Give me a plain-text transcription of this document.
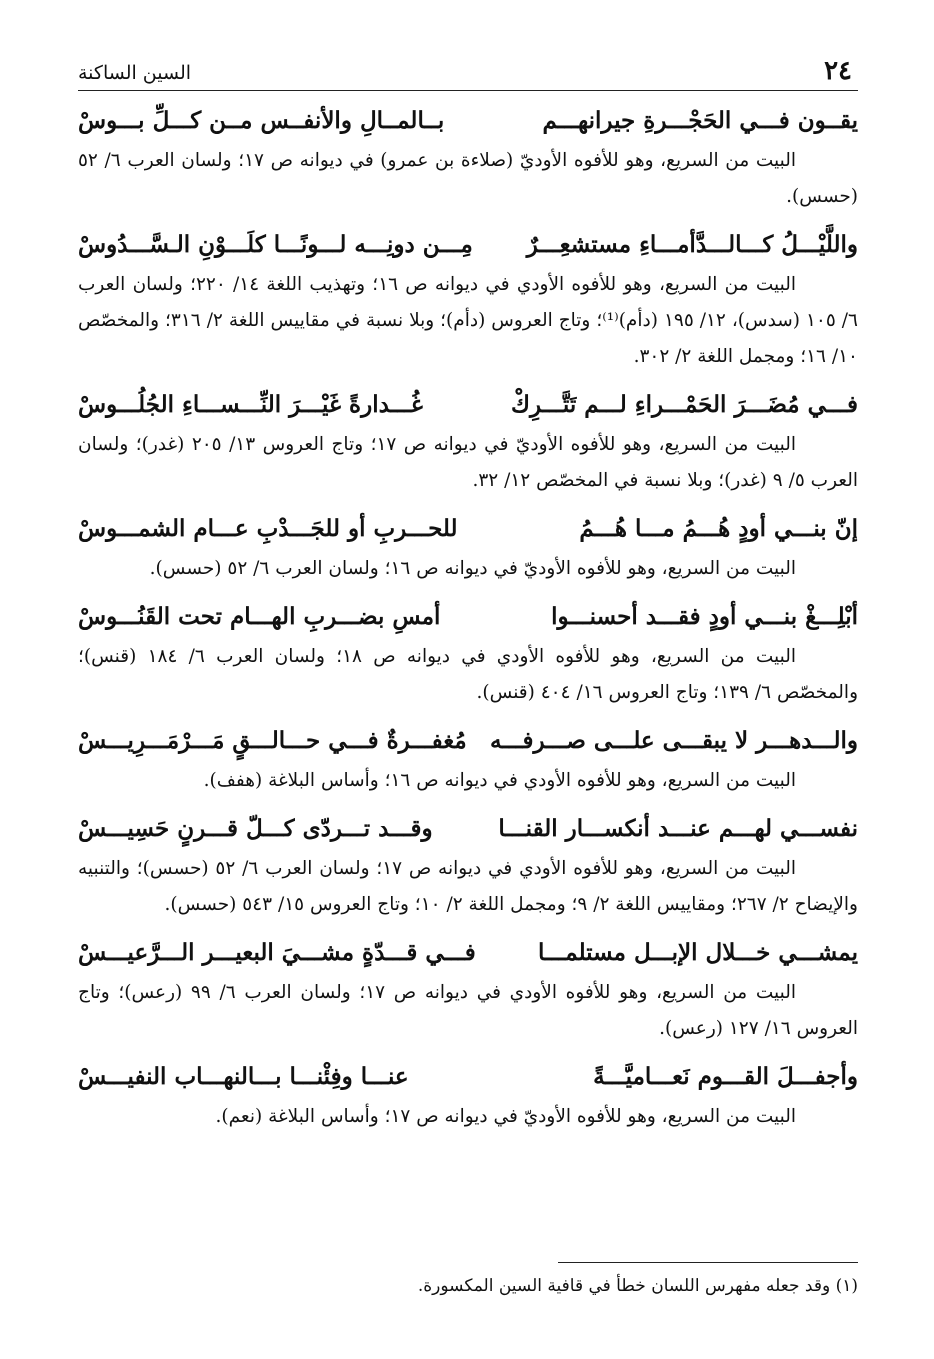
٢٤
السين الساكنة
يقــون فـــي الحَجْـــرةِ جيرانهـــم
بــالمــالِ والأنفــس مــن كـــلِّ بـــوسْ

البيت من السريع، وهو للأفوه الأوديّ (صلاءة بن عمرو) في ديوانه ص ١٧؛ ولسان العرب ٦/ ٥٢ (حسس).

واللَّيْـــلُ كـــالـــدَّأمـــاءِ مستشعِـــرٌ
مِـــن دونِـــه لـــونًـــا كلَـــوْنِ الـسَّـــدُوسْ

البيت من السريع، وهو للأفوه الأودي في ديوانه ص ١٦؛ وتهذيب اللغة ١٤/ ٢٢٠؛ ولسان العرب ٦/ ١٠٥ (سدس)، ١٢/ ١٩٥ (دأم)⁽¹⁾؛ وتاج العروس (دأم)؛ وبلا نسبة في مقاييس اللغة ٢/ ٣١٦؛ والمخصّص ١٠/ ١٦؛ ومجمل اللغة ٢/ ٣٠٢.

فـــي مُضَـــرَ الحَمْـــراءِ لـــم تَتَّـــرِكْ
غُـــدارةً غَيْـــرَ النِّـــســـاءِ الجُلُـــوسْ

البيت من السريع، وهو للأفوه الأوديّ في ديوانه ص ١٧؛ وتاج العروس ١٣/ ٢٠٥ (غدر)؛ ولسان العرب ٥/ ٩ (غدر)؛ وبلا نسبة في المخصّص ١٢/ ٣٢.

إنّ بنـــي أودٍ هُـــمُ مـــا هُـــمُ
للحـــربِ أو للجَـــدْبِ عـــام الشمـــوسْ

البيت من السريع، وهو للأفوه الأوديّ في ديوانه ص ١٦؛ ولسان العرب ٦/ ٥٢ (حسس).

أبْلِـــغْ بنـــي أودٍ فقـــد أحسنـــوا
أمسِ بضـــربِ الهـــام تحت القَنُـــوسْ

البيت من السريع، وهو للأفوه الأودي في ديوانه ص ١٨؛ ولسان العرب ٦/ ١٨٤ (قنس)؛ والمخصّص ٦/ ١٣٩؛ وتاج العروس ١٦/ ٤٠٤ (قنس).

والـــدهـــر لا يبقـــى علـــى صـــرفـــه
مُغفـــرةٌ فـــي حـــالـــقٍ مَـــرْمَـــرِيـــسْ

البيت من السريع، وهو للأفوه الأودي في ديوانه ص ١٦؛ وأساس البلاغة (هفف).

نفســـي لهـــم عنـــد أنكســـار القنـــا
وقـــد تـــردّى كـــلّ قـــرنٍ حَسِيـــسْ

البيت من السريع، وهو للأفوه الأودي في ديوانه ص ١٧؛ ولسان العرب ٦/ ٥٢ (حسس)؛ والتنبيه والإيضاح ٢/ ٢٦٧؛ ومقاييس اللغة ٢/ ٩؛ ومجمل اللغة ٢/ ١٠؛ وتاج العروس ١٥/ ٥٤٣ (حسس).

يمشـــي خـــلال الإبـــل مستلمـــا
فـــي قـــدّةٍ مشـــيَ البعيـــر الـــرَّعيـــسْ

البيت من السريع، وهو للأفوه الأودي في ديوانه ص ١٧؛ ولسان العرب ٦/ ٩٩ (رعس)؛ وتاج العروس ١٦/ ١٢٧ (رعس).

وأجفـــلَ القـــوم نَعـــاميَّـــةً
عنـــا وفِئْنـــا بـــالنهـــاب النفيـــسْ

البيت من السريع، وهو للأفوه الأوديّ في ديوانه ص ١٧؛ وأساس البلاغة (نعم).

(١) وقد جعله مفهرس اللسان خطأ في قافية السين المكسورة.
